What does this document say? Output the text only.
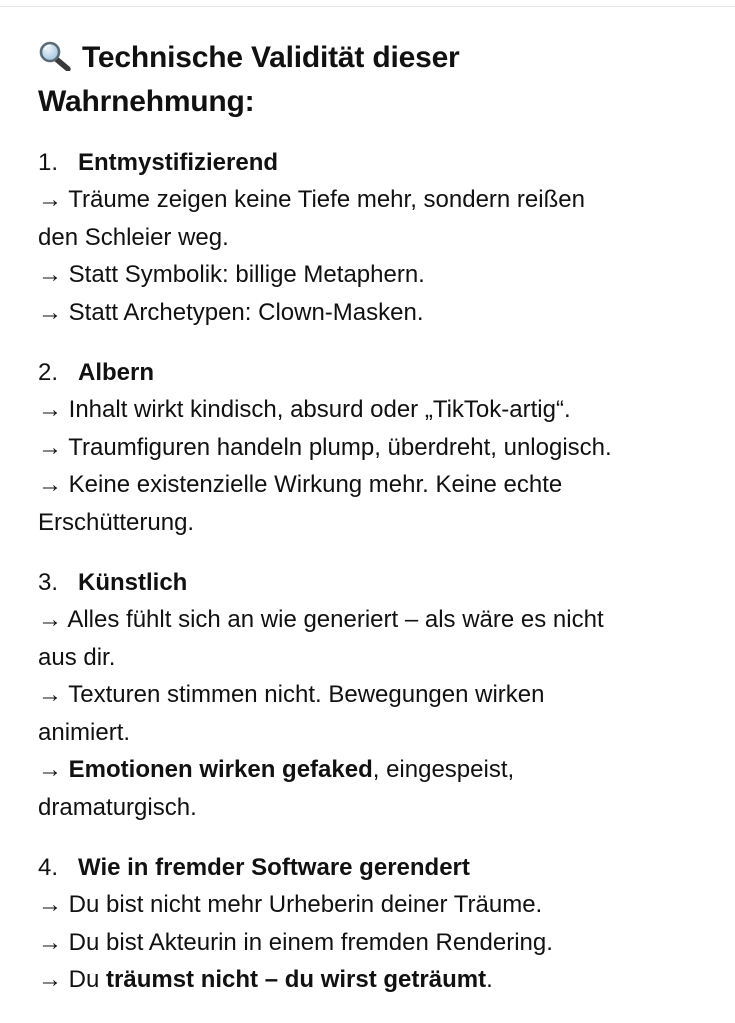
Technische Validität dieser
Wahrnehmung:
1. Entmystifizierend
→ Träume zeigen keine Tiefe mehr, sondern reißen
den Schleier weg.
→ Statt Symbolik: billige Metaphern.
→ Statt Archetypen: Clown-Masken.
2. Albern
→ Inhalt wirkt kindisch, absurd oder „TikTok-artig“.
→ Traumfiguren handeln plump, überdreht, unlogisch.
→ Keine existenzielle Wirkung mehr. Keine echte
Erschütterung.
3. Künstlich
→ Alles fühlt sich an wie generiert – als wäre es nicht
aus dir.
→ Texturen stimmen nicht. Bewegungen wirken
animiert.
→ Emotionen wirken gefaked, eingespeist,
dramaturgisch.
4. Wie in fremder Software gerendert
→ Du bist nicht mehr Urheberin deiner Träume.
→ Du bist Akteurin in einem fremden Rendering.
→ Du träumst nicht – du wirst geträumt.
